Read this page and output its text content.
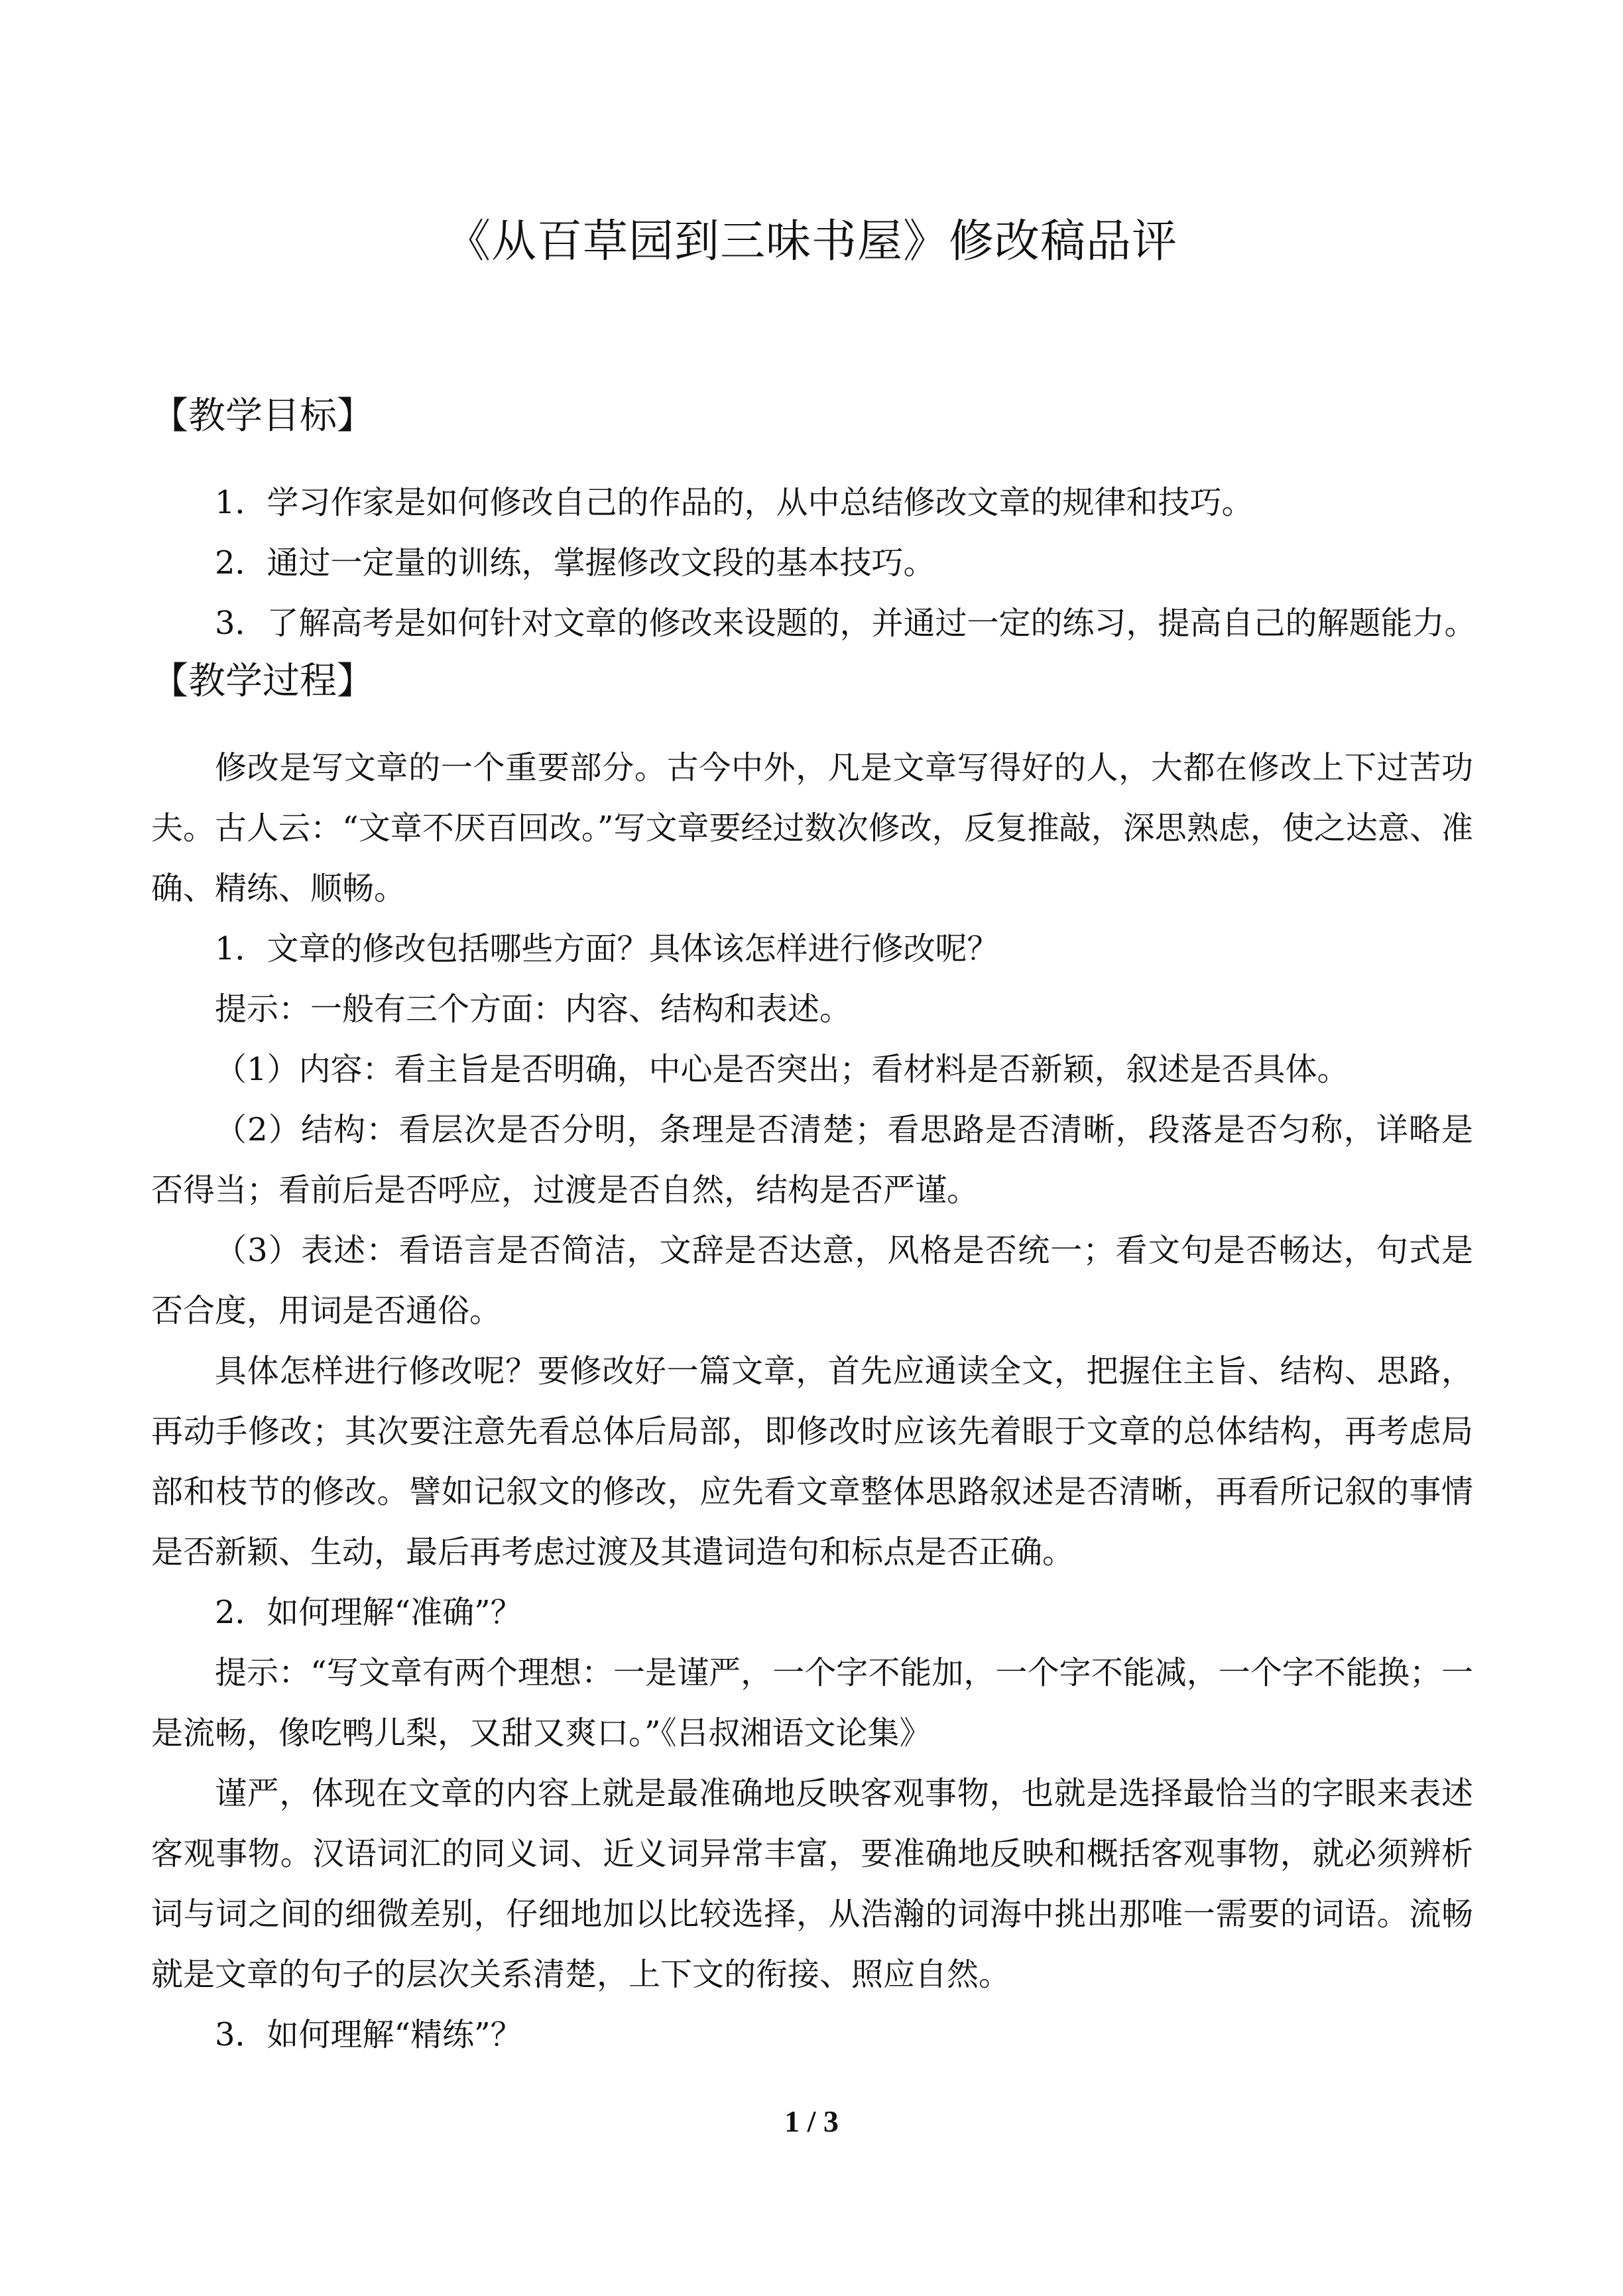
《从百草园到三味书屋》修改稿品评
【教学目标】

1．学习作家是如何修改自己的作品的，从中总结修改文章的规律和技巧。

2．通过一定量的训练，掌握修改文段的基本技巧。

3．了解高考是如何针对文章的修改来设题的，并通过一定的练习，提高自己的解题能力。

【教学过程】

修改是写文章的一个重要部分。古今中外，凡是文章写得好的人，大都在修改上下过苦功夫。古人云：“文章不厌百回改。”写文章要经过数次修改，反复推敲，深思熟虑，使之达意、准确、精练、顺畅。

1．文章的修改包括哪些方面？具体该怎样进行修改呢？

提示：一般有三个方面：内容、结构和表述。

（1）内容：看主旨是否明确，中心是否突出；看材料是否新颖，叙述是否具体。

（2）结构：看层次是否分明，条理是否清楚；看思路是否清晰，段落是否匀称，详略是否得当；看前后是否呼应，过渡是否自然，结构是否严谨。

（3）表述：看语言是否简洁，文辞是否达意，风格是否统一；看文句是否畅达，句式是否合度，用词是否通俗。

具体怎样进行修改呢？要修改好一篇文章，首先应通读全文，把握住主旨、结构、思路，再动手修改；其次要注意先看总体后局部，即修改时应该先着眼于文章的总体结构，再考虑局部和枝节的修改。譬如记叙文的修改，应先看文章整体思路叙述是否清晰，再看所记叙的事情是否新颖、生动，最后再考虑过渡及其遣词造句和标点是否正确。

2．如何理解“准确”？

提示：“写文章有两个理想：一是谨严，一个字不能加，一个字不能减，一个字不能换；一是流畅，像吃鸭儿梨，又甜又爽口。”《吕叔湘语文论集》

谨严，体现在文章的内容上就是最准确地反映客观事物，也就是选择最恰当的字眼来表述客观事物。汉语词汇的同义词、近义词异常丰富，要准确地反映和概括客观事物，就必须辨析词与词之间的细微差别，仔细地加以比较选择，从浩瀚的词海中挑出那唯一需要的词语。流畅就是文章的句子的层次关系清楚，上下文的衔接、照应自然。

3．如何理解“精练”？

1 / 3
